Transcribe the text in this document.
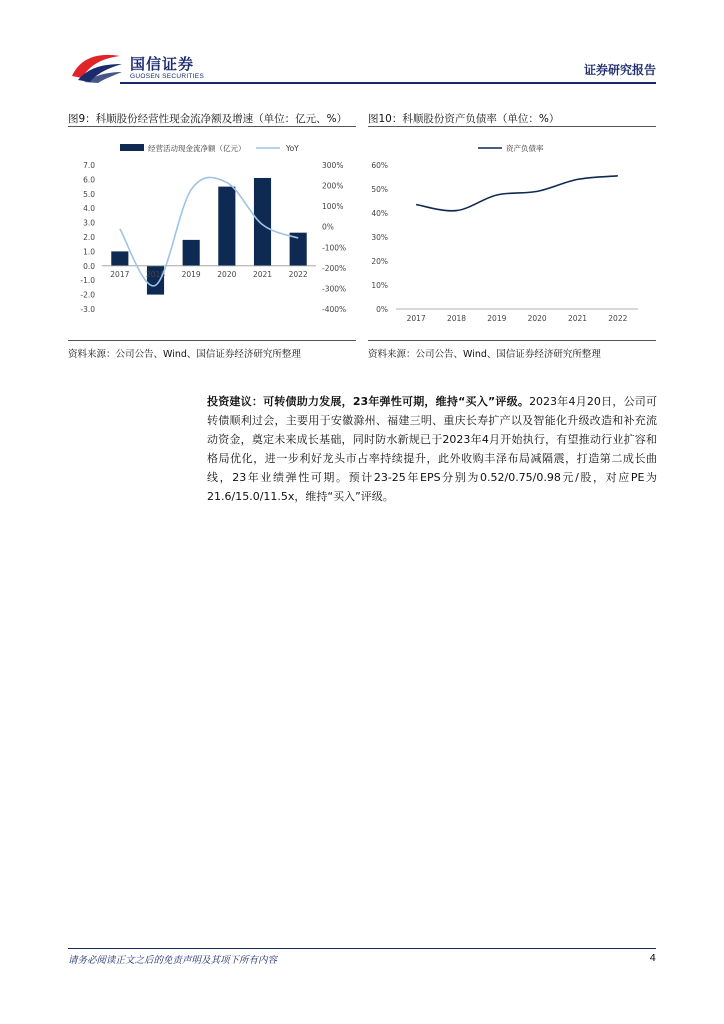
国信证券
GUOSEN SECURITIES	证券研究报告
图9：科顺股份经营性现金流净额及增速（单位：亿元、%）
经营活动现金流净额（亿元）	YoY
7.0
6.0
5.0
4.0
3.0
2.0
1.0
0.0
-1.0
-2.0
-3.0
300%
200%
100%
0%
-100%
-200%
-300%
-400%
2017 2018 2019 2020 2021 2022
资料来源：公司公告、Wind、国信证券经济研究所整理
图10：科顺股份资产负债率（单位：%）
资产负债率
60%
50%
40%
30%
20%
10%
0%
2017	2018	2019	2020	2021	2022
资料来源：公司公告、Wind、国信证券经济研究所整理
投资建议：可转债助力发展，23年弹性可期，维持“买入”评级。2023年4月20日，公司可转债顺利过会，主要用于安徽滁州、福建三明、重庆长寿扩产以及智能化升级改造和补充流动资金，奠定未来成长基础，同时防水新规已于2023年4月开始执行，有望推动行业扩容和格局优化，进一步利好龙头市占率持续提升，此外收购丰泽布局减隔震，打造第二成长曲线，23年业绩弹性可期。预计23-25年EPS分别为0.52/0.75/0.98元/股，对应PE为21.6/15.0/11.5x，维持“买入”评级。
请务必阅读正文之后的免责声明及其项下所有内容	4
